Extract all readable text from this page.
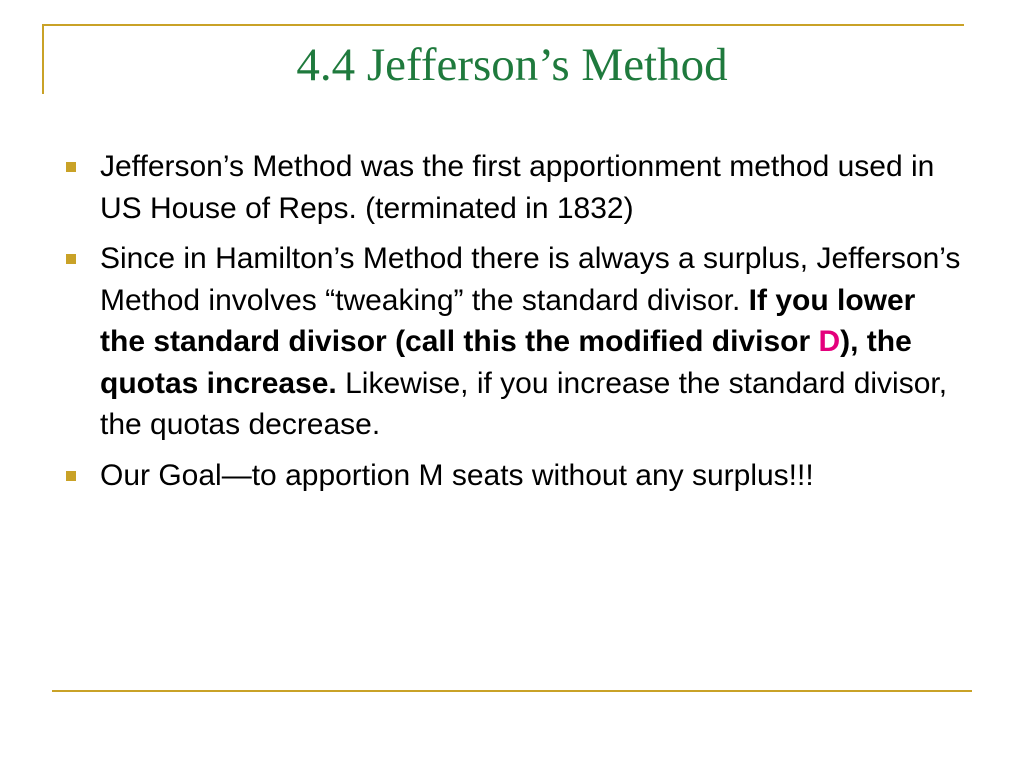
4.4 Jefferson’s Method
Jefferson’s Method was the first apportionment method used in US House of Reps. (terminated in 1832)
Since in Hamilton’s Method there is always a surplus, Jefferson’s Method involves “tweaking” the standard divisor. If you lower the standard divisor (call this the modified divisor D), the quotas increase. Likewise, if you increase the standard divisor, the quotas decrease.
Our Goal—to apportion M seats without any surplus!!!
